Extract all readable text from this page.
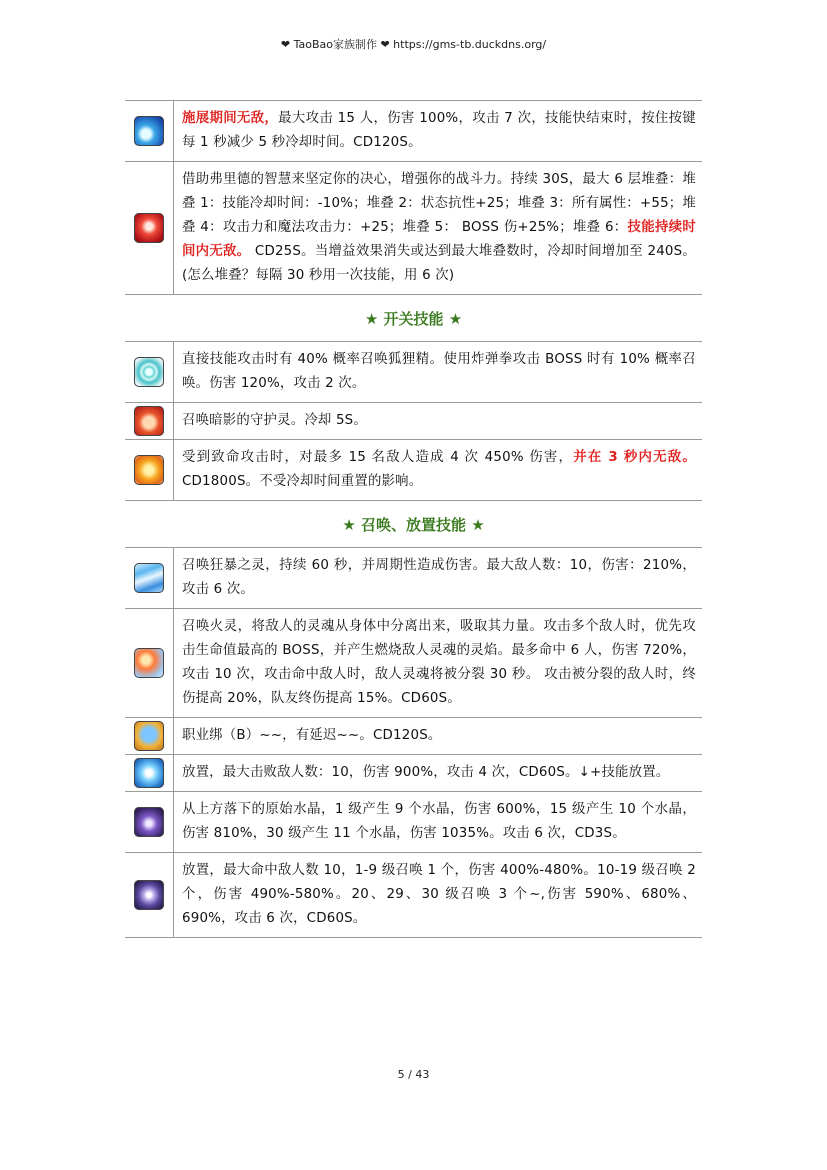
❤ TaoBao家族制作 ❤ https://gms-tb.duckdns.org/
施展期间无敌，最大攻击 15 人，伤害 100%，攻击 7 次，技能快结束时，按住按键每 1 秒减少 5 秒冷却时间。CD120S。
借助弗里德的智慧来坚定你的决心，增强你的战斗力。持续 30S，最大 6 层堆叠：堆叠 1：技能冷却时间：-10%；堆叠 2：状态抗性+25；堆叠 3：所有属性：+55；堆叠 4：攻击力和魔法攻击力：+25；堆叠 5： BOSS 伤+25%；堆叠 6：技能持续时间内无敌。 CD25S。当增益效果消失或达到最大堆叠数时，冷却时间增加至 240S。(怎么堆叠？每隔 30 秒用一次技能，用 6 次)
★ 开关技能 ★
直接技能攻击时有 40% 概率召唤狐狸精。使用炸弹拳攻击 BOSS 时有 10% 概率召唤。伤害 120%，攻击 2 次。
召唤暗影的守护灵。冷却 5S。
受到致命攻击时，对最多 15 名敌人造成 4 次 450% 伤害，并在 3 秒内无敌。CD1800S。不受冷却时间重置的影响。
★ 召唤、放置技能 ★
召唤狂暴之灵，持续 60 秒，并周期性造成伤害。最大敌人数：10，伤害：210%，攻击 6 次。
召唤火灵，将敌人的灵魂从身体中分离出来，吸取其力量。攻击多个敌人时，优先攻击生命值最高的 BOSS，并产生燃烧敌人灵魂的灵焰。最多命中 6 人，伤害 720%，攻击 10 次，攻击命中敌人时，敌人灵魂将被分裂 30 秒。 攻击被分裂的敌人时，终伤提高 20%，队友终伤提高 15%。CD60S。
职业绑（B）~~，有延迟~~。CD120S。
放置，最大击败敌人数：10，伤害 900%，攻击 4 次，CD60S。↓+技能放置。
从上方落下的原始水晶，1 级产生 9 个水晶，伤害 600%，15 级产生 10 个水晶，伤害 810%，30 级产生 11 个水晶，伤害 1035%。攻击 6 次，CD3S。
放置，最大命中敌人数 10，1-9 级召唤 1 个，伤害 400%-480%。10-19 级召唤 2 个，伤害 490%-580%。20、29、30 级召唤 3 个~,伤害 590%、680%、690%，攻击 6 次，CD60S。
5 / 43
